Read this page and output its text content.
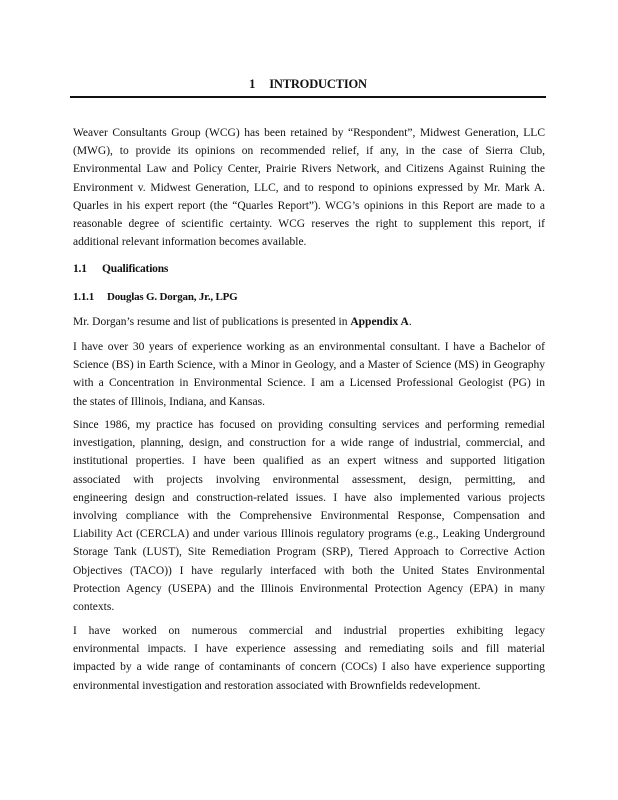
1 INTRODUCTION
Weaver Consultants Group (WCG) has been retained by “Respondent”, Midwest Generation, LLC
(MWG), to provide its opinions on recommended relief, if any, in the case of Sierra Club,
Environmental Law and Policy Center, Prairie Rivers Network, and Citizens Against Ruining the
Environment v. Midwest Generation, LLC, and to respond to opinions expressed by Mr. Mark A.
Quarles in his expert report (the “Quarles Report”). WCG’s opinions in this Report are made to a
reasonable degree of scientific certainty. WCG reserves the right to supplement this report, if
additional relevant information becomes available.
1.1 Qualifications
1.1.1 Douglas G. Dorgan, Jr., LPG
Mr. Dorgan’s resume and list of publications is presented in Appendix A.
I have over 30 years of experience working as an environmental consultant. I have a Bachelor of
Science (BS) in Earth Science, with a Minor in Geology, and a Master of Science (MS) in Geography
with a Concentration in Environmental Science. I am a Licensed Professional Geologist (PG) in
the states of Illinois, Indiana, and Kansas.
Since 1986, my practice has focused on providing consulting services and performing remedial
investigation, planning, design, and construction for a wide range of industrial, commercial, and
institutional properties. I have been qualified as an expert witness and supported litigation
associated with projects involving environmental assessment, design, permitting, and
engineering design and construction-related issues. I have also implemented various projects
involving compliance with the Comprehensive Environmental Response, Compensation and
Liability Act (CERCLA) and under various Illinois regulatory programs (e.g., Leaking Underground
Storage Tank (LUST), Site Remediation Program (SRP), Tiered Approach to Corrective Action
Objectives (TACO)) I have regularly interfaced with both the United States Environmental
Protection Agency (USEPA) and the Illinois Environmental Protection Agency (EPA) in many
contexts.
I have worked on numerous commercial and industrial properties exhibiting legacy
environmental impacts. I have experience assessing and remediating soils and fill material
impacted by a wide range of contaminants of concern (COCs) I also have experience supporting
environmental investigation and restoration associated with Brownfields redevelopment.
